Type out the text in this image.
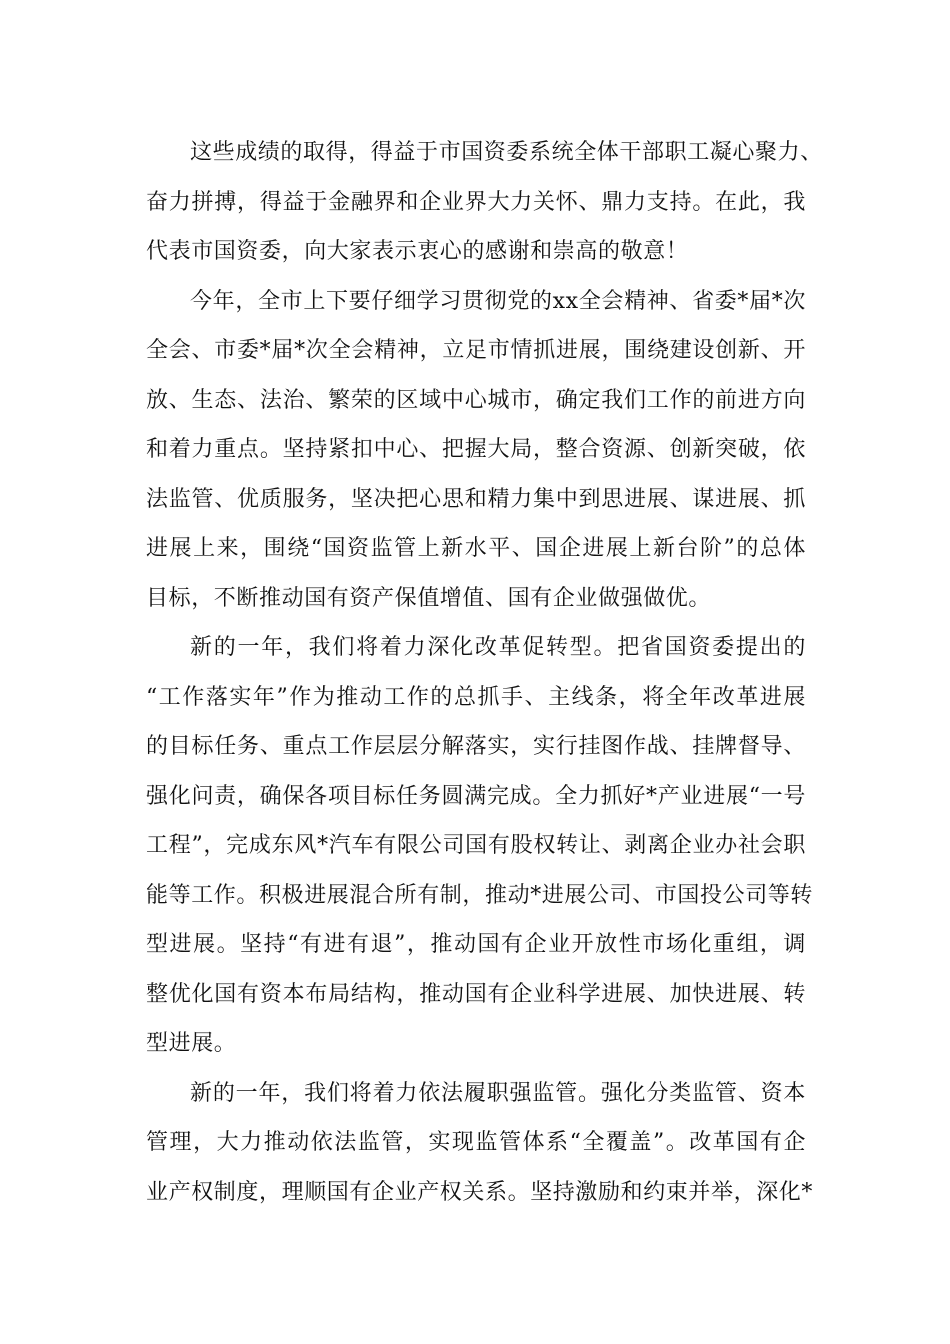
这些成绩的取得，得益于市国资委系统全体干部职工凝心聚力、
奋力拼搏，得益于金融界和企业界大力关怀、鼎力支持。在此，我
代表市国资委，向大家表示衷心的感谢和崇高的敬意！
今年，全市上下要仔细学习贯彻党的xx全会精神、省委*届*次
全会、市委*届*次全会精神，立足市情抓进展，围绕建设创新、开
放、生态、法治、繁荣的区域中心城市，确定我们工作的前进方向
和着力重点。坚持紧扣中心、把握大局，整合资源、创新突破，依
法监管、优质服务，坚决把心思和精力集中到思进展、谋进展、抓
进展上来，围绕“国资监管上新水平、国企进展上新台阶”的总体
目标，不断推动国有资产保值增值、国有企业做强做优。
新的一年，我们将着力深化改革促转型。把省国资委提出的
“工作落实年”作为推动工作的总抓手、主线条，将全年改革进展
的目标任务、重点工作层层分解落实，实行挂图作战、挂牌督导、
强化问责，确保各项目标任务圆满完成。全力抓好*产业进展“一号
工程”，完成东风*汽车有限公司国有股权转让、剥离企业办社会职
能等工作。积极进展混合所有制，推动*进展公司、市国投公司等转
型进展。坚持“有进有退”，推动国有企业开放性市场化重组，调
整优化国有资本布局结构，推动国有企业科学进展、加快进展、转
型进展。
新的一年，我们将着力依法履职强监管。强化分类监管、资本
管理，大力推动依法监管，实现监管体系“全覆盖”。改革国有企
业产权制度，理顺国有企业产权关系。坚持激励和约束并举，深化*
